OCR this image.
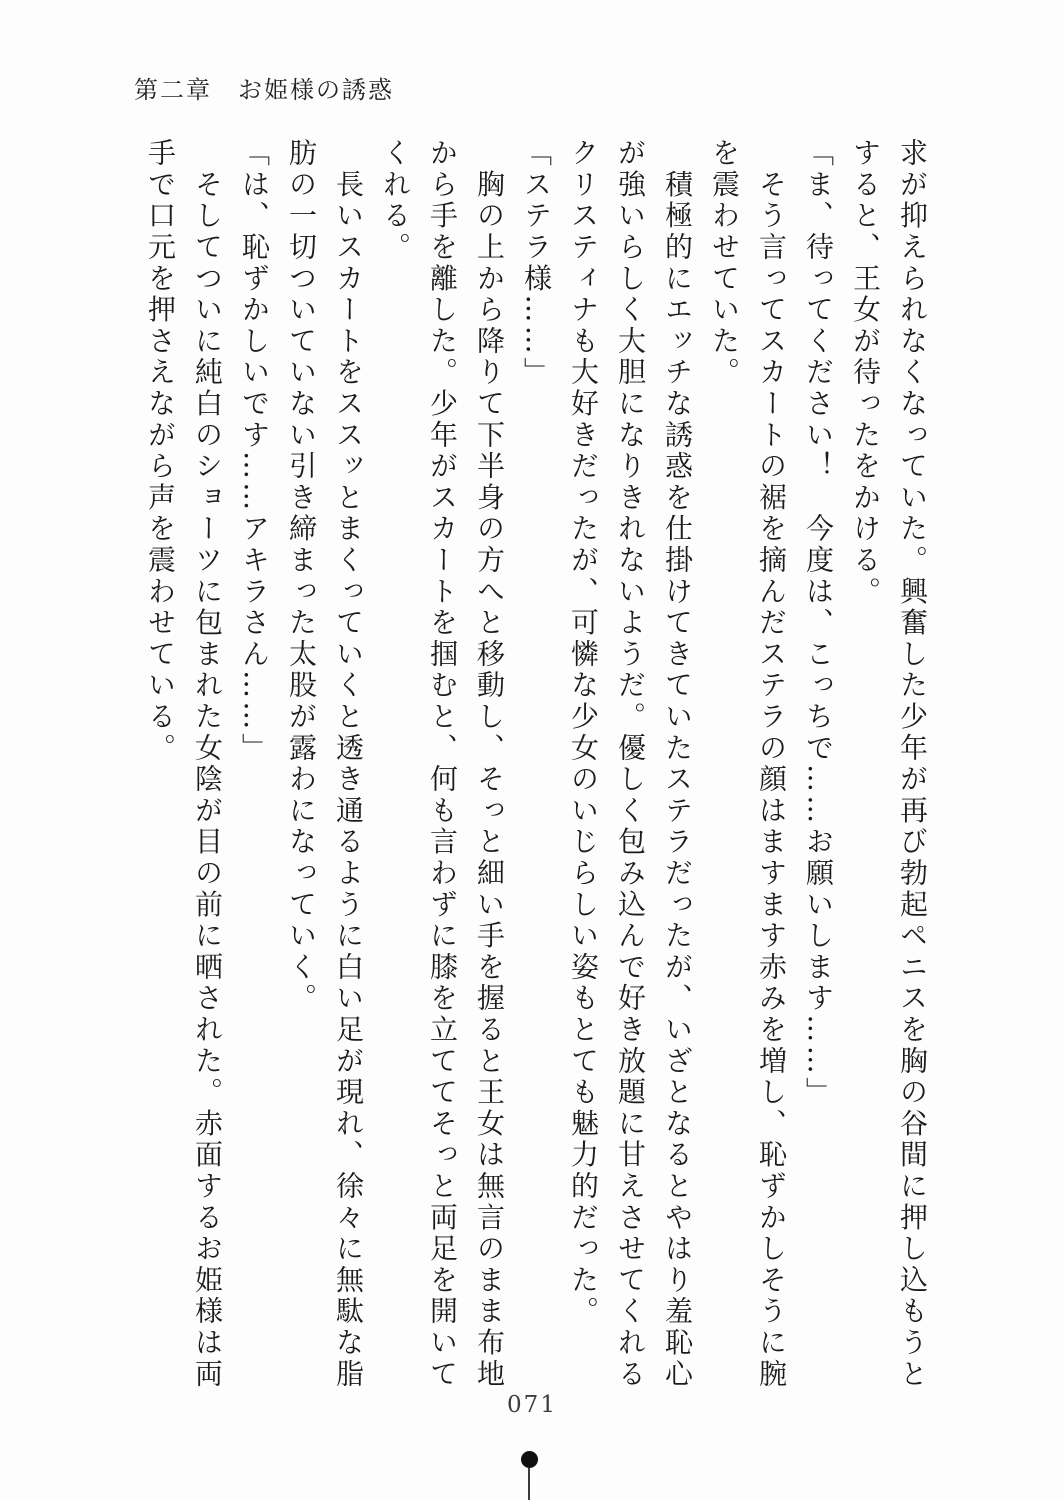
第二章　お姫様の誘惑

求が抑えられなくなっていた。興奮した少年が再び勃起ペニスを胸の谷間に押し込もうとすると、王女が待ったをかける。

「ま、待ってください！　今度は、こっちで……お願いします……」

　そう言ってスカートの裾を摘んだステラの顔はますます赤みを増し、恥ずかしそうに腕を震わせていた。

　積極的にエッチな誘惑を仕掛けてきていたステラだったが、いざとなるとやはり羞恥心が強いらしく大胆になりきれないようだ。優しく包み込んで好き放題に甘えさせてくれるクリスティナも大好きだったが、可憐な少女のいじらしい姿もとても魅力的だった。

「ステラ様……」

　胸の上から降りて下半身の方へと移動し、そっと細い手を握ると王女は無言のまま布地から手を離した。少年がスカートを掴むと、何も言わずに膝を立ててそっと両足を開いてくれる。

　長いスカートをススッとまくっていくと透き通るように白い足が現れ、徐々に無駄な脂肪の一切ついていない引き締まった太股が露わになっていく。

「は、恥ずかしいです……アキラさん……」

　そしてついに純白のショーツに包まれた女陰が目の前に晒された。赤面するお姫様は両手で口元を押さえながら声を震わせている。

071
